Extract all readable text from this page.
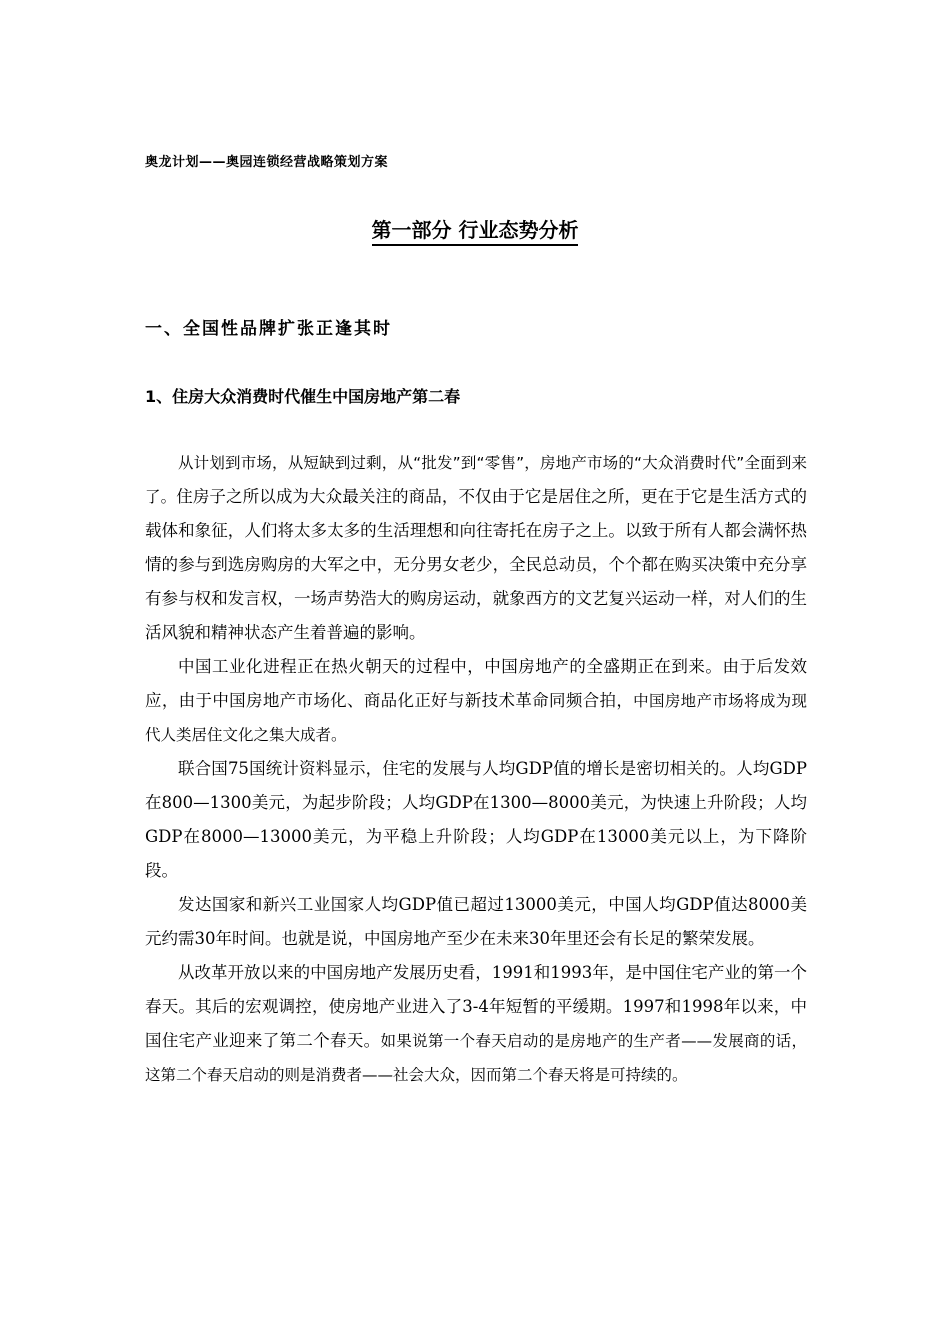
奥龙计划——奥园连锁经营战略策划方案
第一部分 行业态势分析
一、全国性品牌扩张正逢其时
1、住房大众消费时代催生中国房地产第二春

从计划到市场，从短缺到过剩，从“批发”到“零售”，房地产市场的“大众消费时代”全面到来了。住房子之所以成为大众最关注的商品，不仅由于它是居住之所，更在于它是生活方式的载体和象征，人们将太多太多的生活理想和向往寄托在房子之上。以致于所有人都会满怀热情的参与到选房购房的大军之中，无分男女老少，全民总动员，个个都在购买决策中充分享有参与权和发言权，一场声势浩大的购房运动，就象西方的文艺复兴运动一样，对人们的生活风貌和精神状态产生着普遍的影响。

中国工业化进程正在热火朝天的过程中，中国房地产的全盛期正在到来。由于后发效应，由于中国房地产市场化、商品化正好与新技术革命同频合拍，中国房地产市场将成为现代人类居住文化之集大成者。

联合国75国统计资料显示，住宅的发展与人均GDP值的增长是密切相关的。人均GDP在800—1300美元，为起步阶段；人均GDP在1300—8000美元，为快速上升阶段；人均GDP在8000—13000美元，为平稳上升阶段；人均GDP在13000美元以上，为下降阶段。

发达国家和新兴工业国家人均GDP值已超过13000美元，中国人均GDP值达8000美元约需30年时间。也就是说，中国房地产至少在未来30年里还会有长足的繁荣发展。

从改革开放以来的中国房地产发展历史看，1991和1993年，是中国住宅产业的第一个春天。其后的宏观调控，使房地产业进入了3-4年短暂的平缓期。1997和1998年以来，中国住宅产业迎来了第二个春天。如果说第一个春天启动的是房地产的生产者——发展商的话，这第二个春天启动的则是消费者——社会大众，因而第二个春天将是可持续的。
